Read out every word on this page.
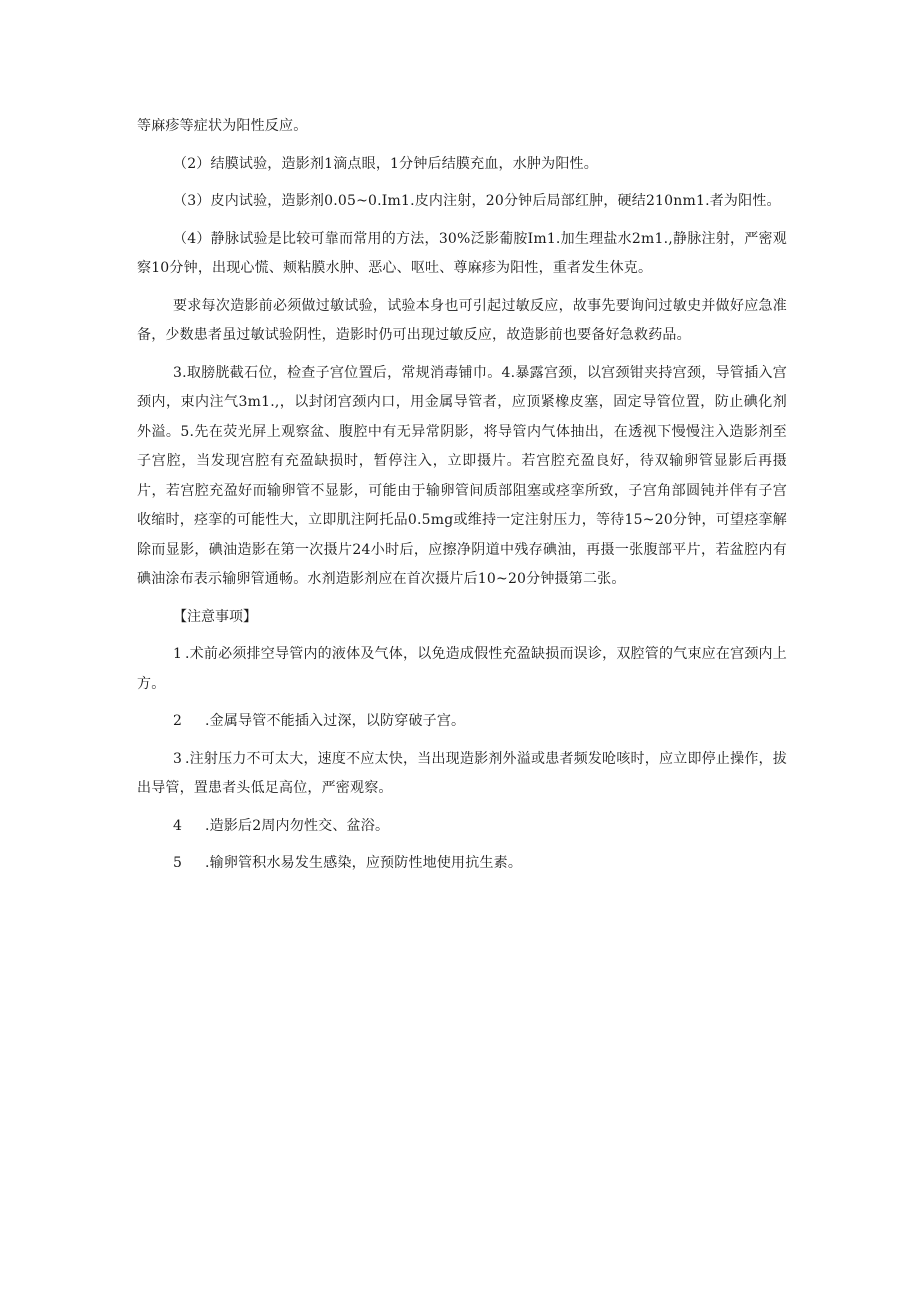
等麻疹等症状为阳性反应。

（2）结膜试验，造影剂1滴点眼，1分钟后结膜充血，水肿为阳性。

（3）皮内试验，造影剂0.05~0.Im1.皮内注射，20分钟后局部红肿，硬结210nm1.者为阳性。

（4）静脉试验是比较可靠而常用的方法，30%泛影葡胺Im1.加生理盐水2m1.,静脉注射，严密观察10分钟，出现心慌、颊粘膜水肿、恶心、呕吐、尊麻疹为阳性，重者发生休克。

要求每次造影前必须做过敏试验，试验本身也可引起过敏反应，故事先要询问过敏史并做好应急准备，少数患者虽过敏试验阴性，造影时仍可出现过敏反应，故造影前也要备好急救药品。

3.取膀胱截石位，检查子宫位置后，常规消毒铺巾。4.暴露宫颈，以宫颈钳夹持宫颈，导管插入宫颈内，束内注气3m1.,，以封闭宫颈内口，用金属导管者，应顶紧橡皮塞，固定导管位置，防止碘化剂外溢。5.先在荧光屏上观察盆、腹腔中有无异常阴影，将导管内气体抽出，在透视下慢慢注入造影剂至子宫腔，当发现宫腔有充盈缺损时，暂停注入，立即摄片。若宫腔充盈良好，待双输卵管显影后再摄片，若宫腔充盈好而输卵管不显影，可能由于输卵管间质部阻塞或痉挛所致，子宫角部圆钝并伴有子宫收缩时，痉挛的可能性大，立即肌注阿托品0.5mg或维持一定注射压力，等待15~20分钟，可望痉挛解除而显影，碘油造影在第一次摄片24小时后，应擦净阴道中残存碘油，再摄一张腹部平片，若盆腔内有碘油涂布表示输卵管通畅。水剂造影剂应在首次摄片后10~20分钟摄第二张。

【注意事项】

1 .术前必须排空导管内的液体及气体，以免造成假性充盈缺损而误诊，双腔管的气束应在宫颈内上方。

2 .金属导管不能插入过深，以防穿破子宫。

3 .注射压力不可太大，速度不应太快，当出现造影剂外溢或患者频发呛咳时，应立即停止操作，拔出导管，置患者头低足高位，严密观察。

4 .造影后2周内勿性交、盆浴。

5 .输卵管积水易发生感染，应预防性地使用抗生素。
